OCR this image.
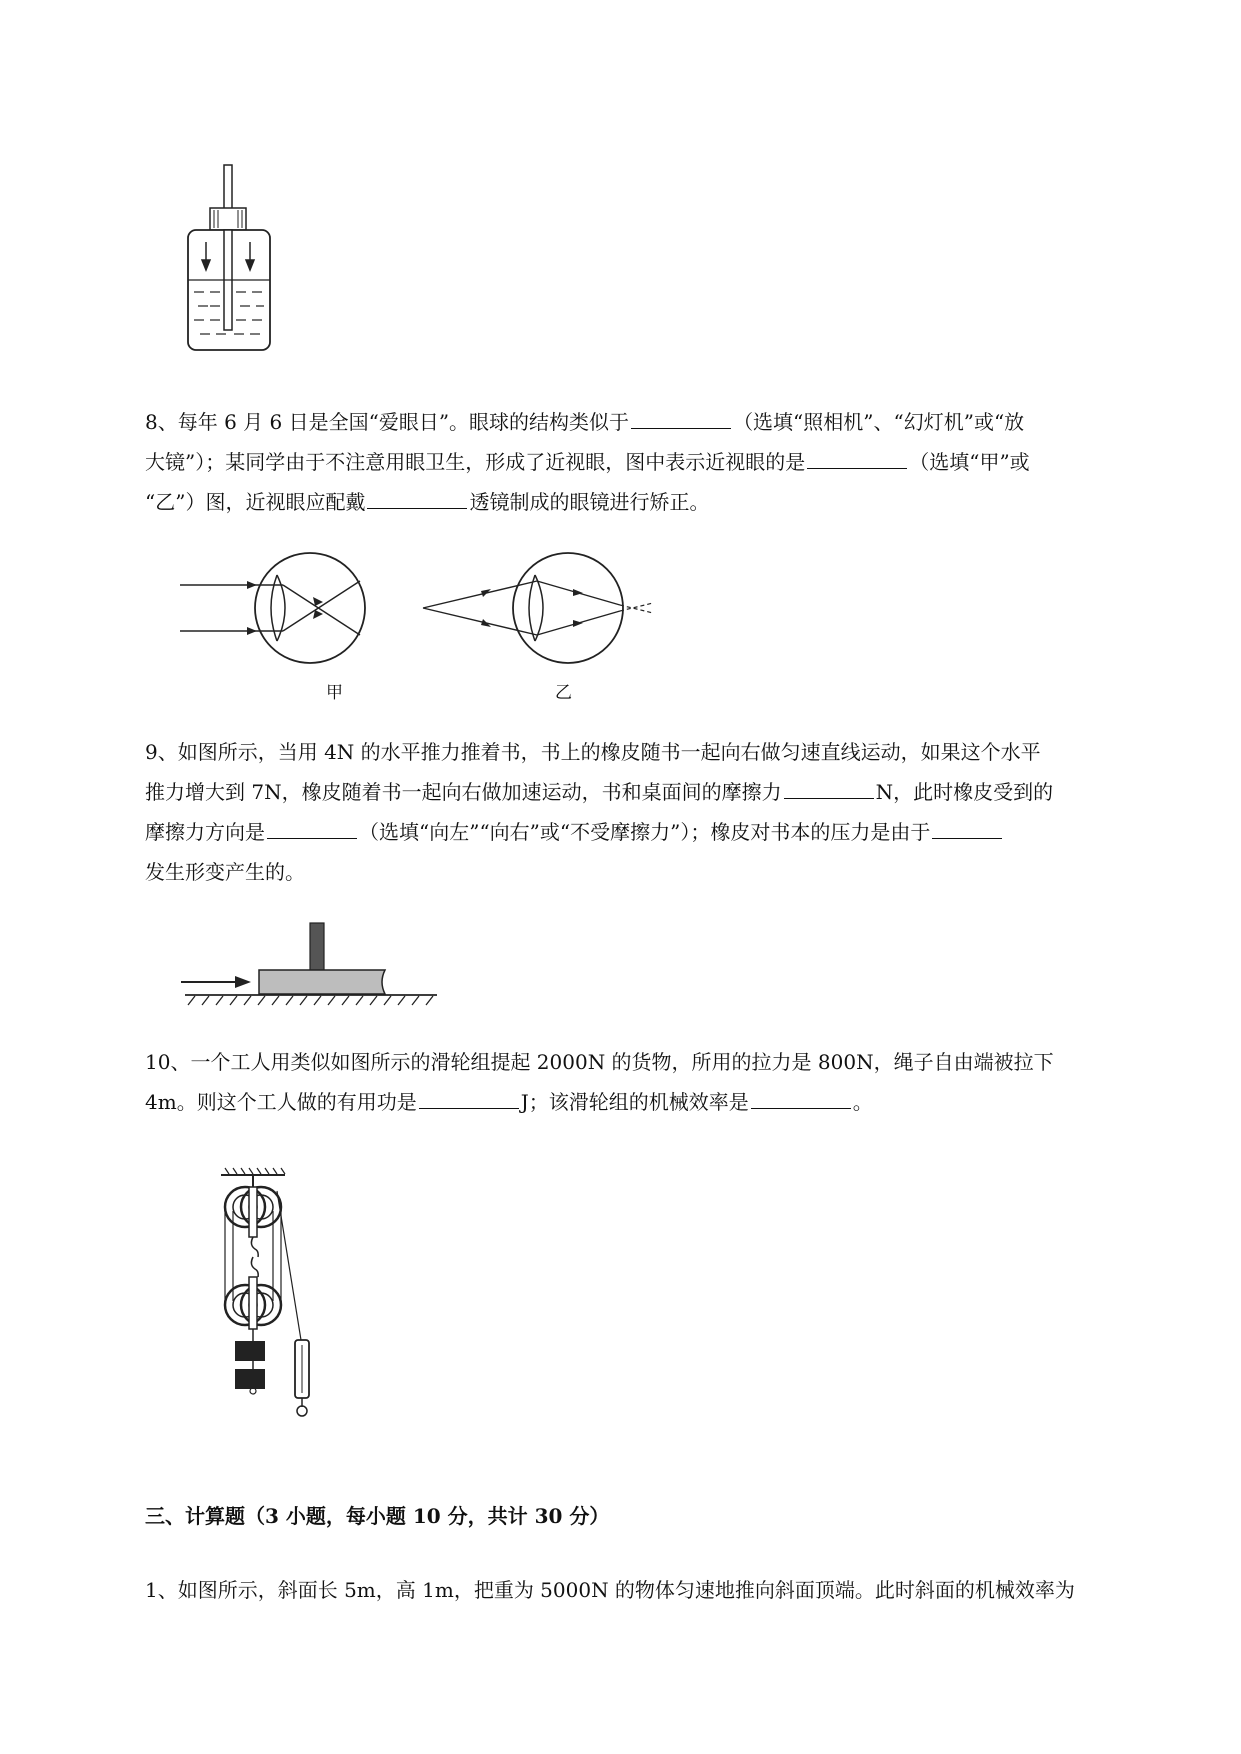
8、每年 6 月 6 日是全国“爱眼日”。眼球的结构类似于	（选填“照相机”、“幻灯机”或“放
大镜”）；某同学由于不注意用眼卫生，形成了近视眼，图中表示近视眼的是	（选填“甲”或
“乙”）图，近视眼应配戴	透镜制成的眼镜进行矫正。

甲	乙

9、如图所示，当用 4N 的水平推力推着书，书上的橡皮随书一起向右做匀速直线运动，如果这个水平
推力增大到 7N，橡皮随着书一起向右做加速运动，书和桌面间的摩擦力	N，此时橡皮受到的
摩擦力方向是	（选填“向左”“向右”或“不受摩擦力”）；橡皮对书本的压力是由于
发生形变产生的。

10、一个工人用类似如图所示的滑轮组提起 2000N 的货物，所用的拉力是 800N，绳子自由端被拉下
4m。则这个工人做的有用功是	J；该滑轮组的机械效率是	。

三、计算题（3 小题，每小题 10 分，共计 30 分）

1、如图所示，斜面长 5m，高 1m，把重为 5000N 的物体匀速地推向斜面顶端。此时斜面的机械效率为
